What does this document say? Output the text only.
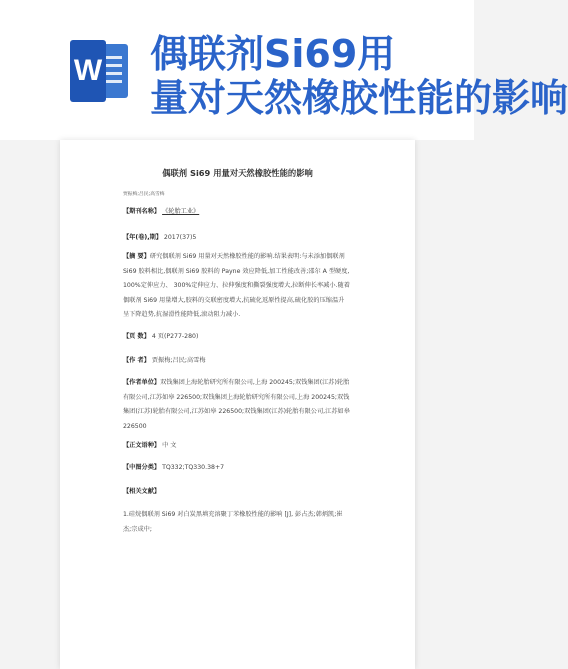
W 偶联剂Si69用
量对天然橡胶性能的影响
偶联剂 Si69 用量对天然橡胶性能的影响
贾振梅;吕民;高雪梅
【期刊名称】 《轮胎工业》
【年(卷),期】 2017(37)5
【摘 要】研究偶联剂 Si69 用量对天然橡胶性能的影响.结果表明:与未添加偶联剂
Si69 胶料相比,偶联剂 Si69 胶料的 Payne 效应降低,加工性能改善;邵尔 A 型硬度,
100%定伸应力、 300%定伸应力、拉伸强度和撕裂强度增大,拉断伸长率减小.随着
偶联剂 Si69 用量增大,胶料的交联密度增大,抗硫化返原性提高,硫化胶的压缩温升
呈下降趋势,抗湿滑性能降低,滚动阻力减小.
【页 数】 4 页(P277-280)
【作 者】 贾振梅;吕民;高雪梅
【作者单位】双钱集团上海轮胎研究所有限公司,上海 200245;双钱集团(江苏)轮胎
有限公司,江苏如皋 226500;双钱集团上海轮胎研究所有限公司,上海 200245;双钱
集团(江苏)轮胎有限公司,江苏如皋 226500;双钱集团(江苏)轮胎有限公司,江苏如皋
226500
【正文语种】 中 文
【中图分类】 TQ332;TQ330.38+7
【相关文献】
1.硅烷偶联剂 Si69 对白炭黑填充溶聚丁苯橡胶性能的影响 [J], 彭占杰;韩炳凯;崔
杰;宗成中;
